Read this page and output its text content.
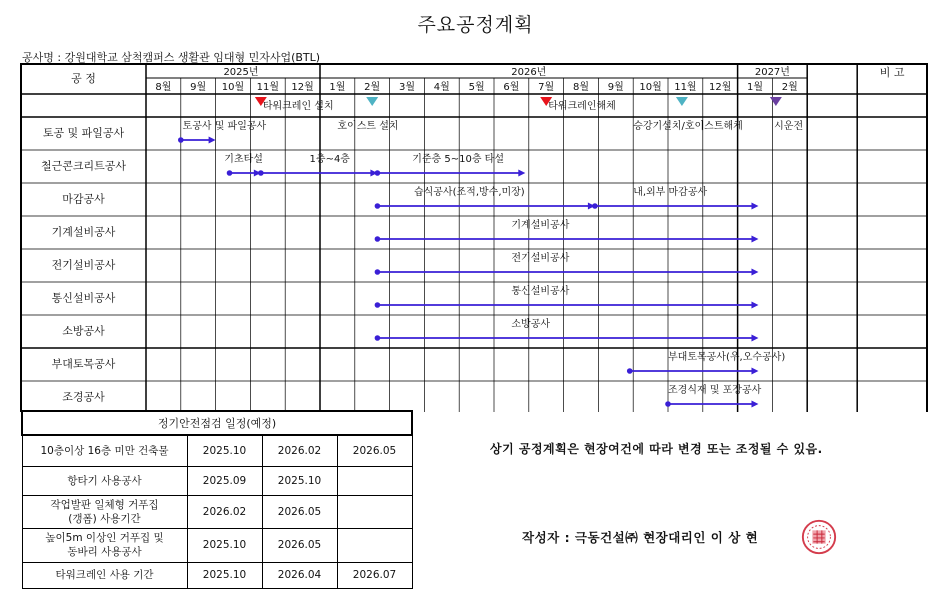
주요공정계획
공사명 : 강원대학교 삼척캠퍼스 생활관 임대형 민자사업(BTL)
공 정	비 고
2025년	2026년	2027년
8월 9월 10월 11월 12월 1월 2월 3월 4월 5월 6월 7월 8월 9월 10월 11월 12월 1월 2월
타워크레인 설치	타워크레인해체
토공 및 파일공사	토공사 및 파일공사	호이스트 설치	승강기설치/호이스트해체	시운전
철근콘크리트공사	기초타설	1층~4층	기준층 5~10층 타설
마감공사	습식공사(조적,방수,미장)	내,외부 마감공사
기계설비공사	기계설비공사
전기설비공사	전기설비공사
통신설비공사	통신설비공사
소방공사	소방공사
부대토목공사	부대토목공사(우,오수공사)
조경공사	조경식재 및 포장공사
정기안전점검 일정(예정)			
10층이상 16층 미만 건축물	2025.10	2026.02	2026.05
항타기 사용공사	2025.09	2025.10	
작업발판 일체형 거푸집
(갱폼) 사용기간	2026.02	2026.05	
높이5m 이상인 거푸집 및
동바리 사용공사	2025.10	2026.05	
타워크레인 사용 기간	2025.10	2026.04	2026.07
상기 공정계획은 현장여건에 따라 변경 또는 조정될 수 있음.
작성자 : 극동건설㈜ 현장대리인 이 상 현
